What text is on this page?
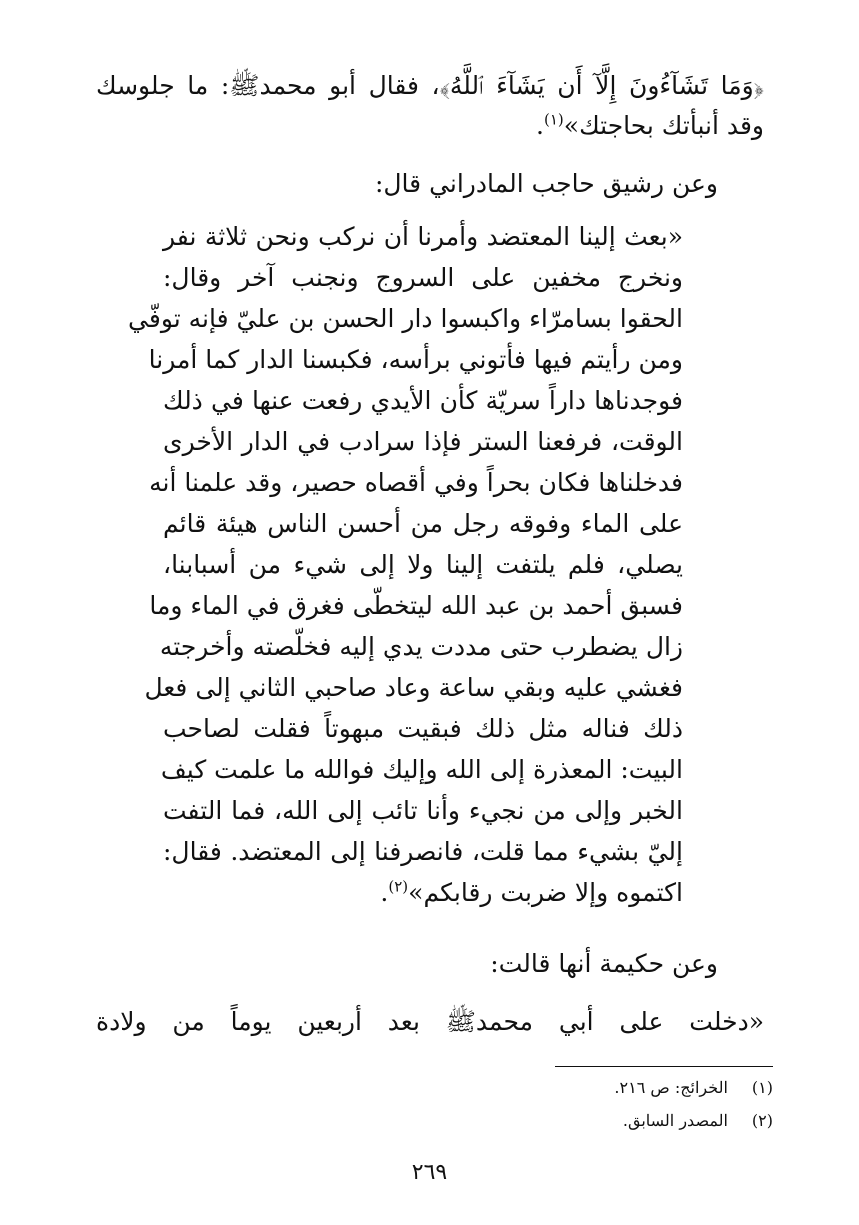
﴿وَمَا تَشَآءُونَ إِلَّآ أَن يَشَآءَ ٱللَّهُ﴾، فقال أبو محمدﷺ: ما جلوسك
وقد أنبأتك بحاجتك»$^{(١)}$.
وعن رشيق حاجب المادراني قال:
«بعث إلينا المعتضد وأمرنا أن نركب ونحن ثلاثة نفر
ونخرج مخفين على السروج ونجنب آخر وقال:
الحقوا بسامرّاء واكبسوا دار الحسن بن عليّ فإنه توفّي
ومن رأيتم فيها فأتوني برأسه، فكبسنا الدار كما أمرنا
فوجدناها داراً سريّة كأن الأيدي رفعت عنها في ذلك
الوقت، فرفعنا الستر فإذا سرادب في الدار الأخرى
فدخلناها فكان بحراً وفي أقصاه حصير، وقد علمنا أنه
على الماء وفوقه رجل من أحسن الناس هيئة قائم
يصلي، فلم يلتفت إلينا ولا إلى شيء من أسبابنا،
فسبق أحمد بن عبد الله ليتخطّى فغرق في الماء وما
زال يضطرب حتى مددت يدي إليه فخلّصته وأخرجته
فغشي عليه وبقي ساعة وعاد صاحبي الثاني إلى فعل
ذلك فناله مثل ذلك فبقيت مبهوتاً فقلت لصاحب
البيت: المعذرة إلى الله وإليك فوالله ما علمت كيف
الخبر وإلى من نجيء وأنا تائب إلى الله، فما التفت
إليّ بشيء مما قلت، فانصرفنا إلى المعتضد. فقال:
اكتموه وإلا ضربت رقابكم»$^{(٢)}$.
وعن حكيمة أنها قالت:
«دخلت على أبي محمدﷺ بعد أربعين يوماً من ولادة
(١) الخرائج: ص ٢١٦.
(٢) المصدر السابق.
٢٦٩
